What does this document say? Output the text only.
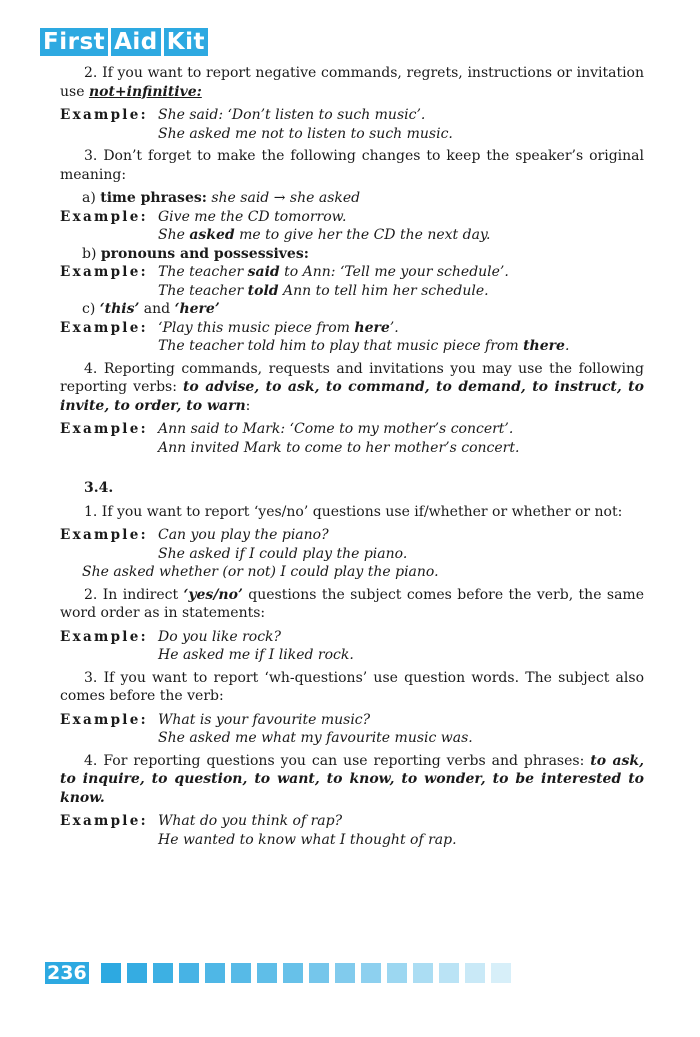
First Aid Kit

2. If you want to report negative commands, regrets, instructions or invitation use not+infinitive:

Example: She said: ‘Don’t listen to such music’.
She asked me not to listen to such music.

3. Don’t forget to make the following changes to keep the speaker’s original meaning:

a) time phrases: she said → she asked
Example: Give me the CD tomorrow.
She asked me to give her the CD the next day.
b) pronouns and possessives:
Example: The teacher said to Ann: ‘Tell me your schedule’.
The teacher told Ann to tell him her schedule.
c) ‘this’ and ‘here’
Example: ‘Play this music piece from here’.
The teacher told him to play that music piece from there.

4. Reporting commands, requests and invitations you may use the following reporting verbs: to advise, to ask, to command, to demand, to instruct, to invite, to order, to warn:

Example: Ann said to Mark: ‘Come to my mother’s concert’.
Ann invited Mark to come to her mother’s concert.
3.4.

1. If you want to report ‘yes/no’ questions use if/whether or whether or not:

Example: Can you play the piano?
She asked if I could play the piano.
She asked whether (or not) I could play the piano.

2. In indirect ‘yes/no’ questions the subject comes before the verb, the same word order as in statements:

Example: Do you like rock?
He asked me if I liked rock.

3. If you want to report ‘wh-questions’ use question words. The subject also comes before the verb:

Example: What is your favourite music?
She asked me what my favourite music was.

4. For reporting questions you can use reporting verbs and phrases: to ask, to inquire, to question, to want, to know, to wonder, to be interested to know.

Example: What do you think of rap?
He wanted to know what I thought of rap.
236
